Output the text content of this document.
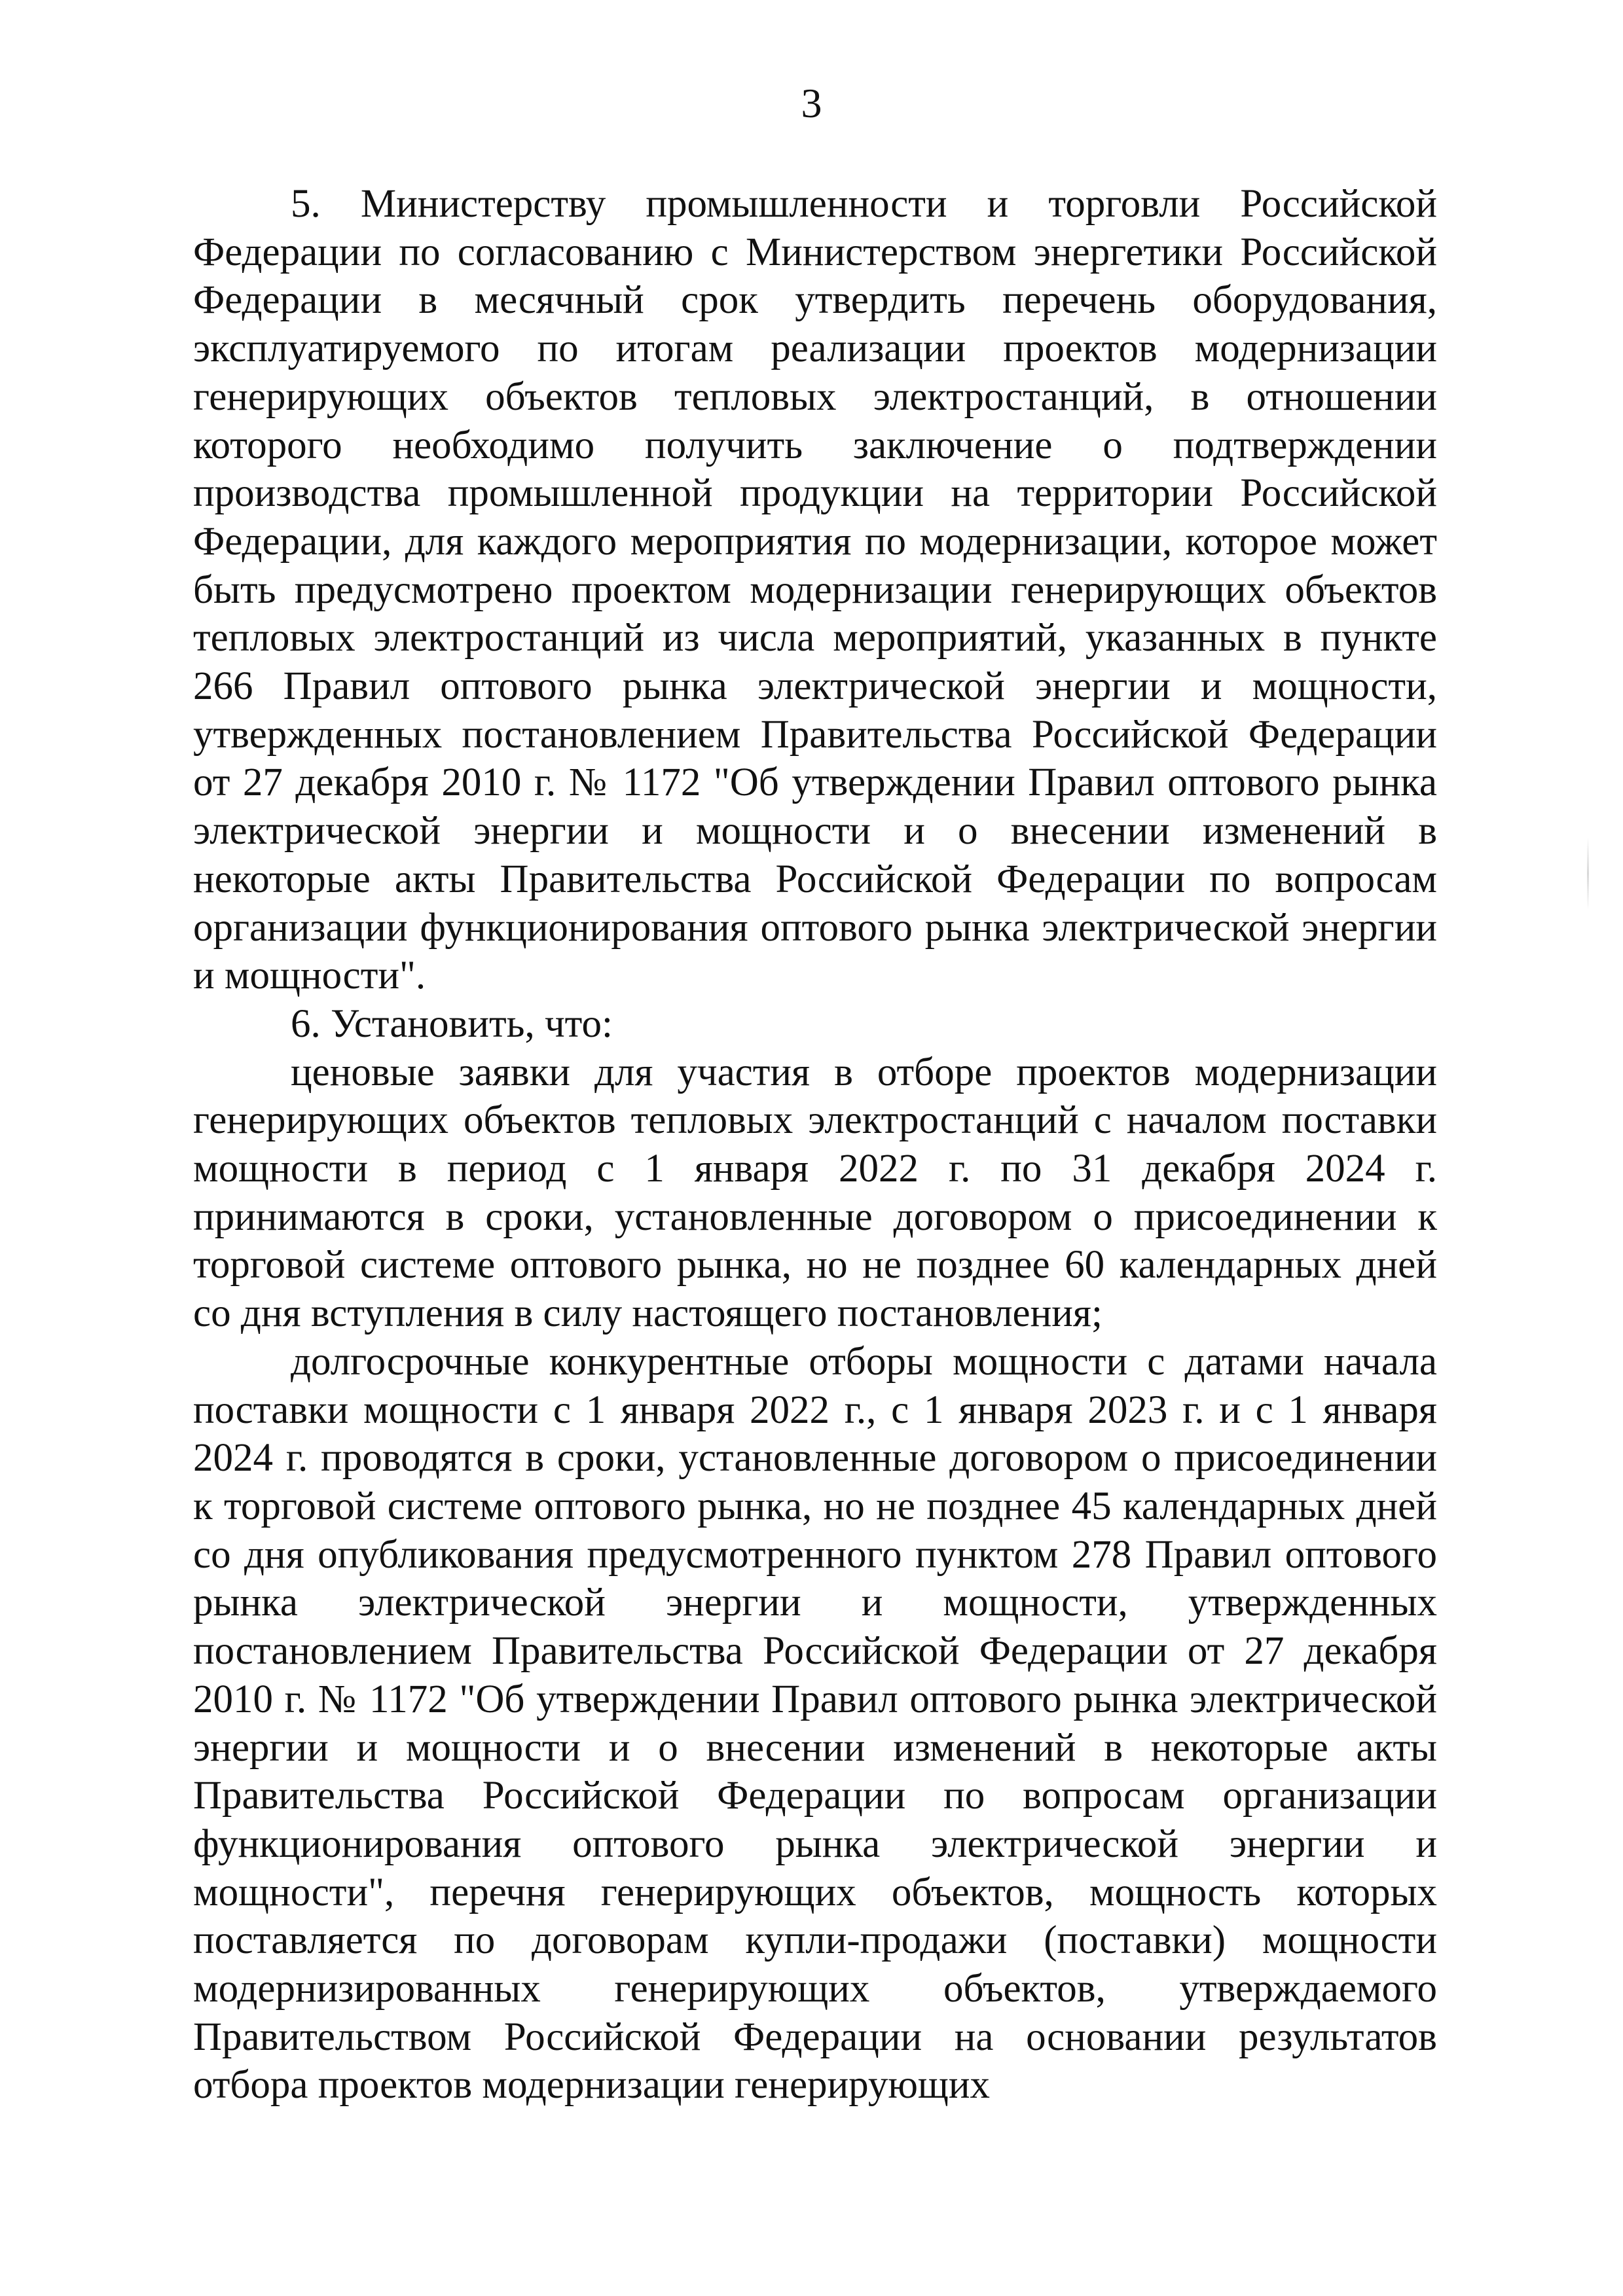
3

5. Министерству промышленности и торговли Российской Федерации по согласованию с Министерством энергетики Российской Федерации в месячный срок утвердить перечень оборудования, эксплуатируемого по итогам реализации проектов модернизации генерирующих объектов тепловых электростанций, в отношении которого необходимо получить заключение о подтверждении производства промышленной продукции на территории Российской Федерации, для каждого мероприятия по модернизации, которое может быть предусмотрено проектом модернизации генерирующих объектов тепловых электростанций из числа мероприятий, указанных в пункте 266 Правил оптового рынка электрической энергии и мощности, утвержденных постановлением Правительства Российской Федерации от 27 декабря 2010 г. № 1172 "Об утверждении Правил оптового рынка электрической энергии и мощности и о внесении изменений в некоторые акты Правительства Российской Федерации по вопросам организации функционирования оптового рынка электрической энергии и мощности".

6. Установить, что:

ценовые заявки для участия в отборе проектов модернизации генерирующих объектов тепловых электростанций с началом поставки мощности в период с 1 января 2022 г. по 31 декабря 2024 г. принимаются в сроки, установленные договором о присоединении к торговой системе оптового рынка, но не позднее 60 календарных дней со дня вступления в силу настоящего постановления;

долгосрочные конкурентные отборы мощности с датами начала поставки мощности с 1 января 2022 г., с 1 января 2023 г. и с 1 января 2024 г. проводятся в сроки, установленные договором о присоединении к торговой системе оптового рынка, но не позднее 45 календарных дней со дня опубликования предусмотренного пунктом 278 Правил оптового рынка электрической энергии и мощности, утвержденных постановлением Правительства Российской Федерации от 27 декабря 2010 г. № 1172 "Об утверждении Правил оптового рынка электрической энергии и мощности и о внесении изменений в некоторые акты Правительства Российской Федерации по вопросам организации функционирования оптового рынка электрической энергии и мощности", перечня генерирующих объектов, мощность которых поставляется по договорам купли-продажи (поставки) мощности модернизированных генерирующих объектов, утверждаемого Правительством Российской Федерации на основании результатов отбора проектов модернизации генерирующих
